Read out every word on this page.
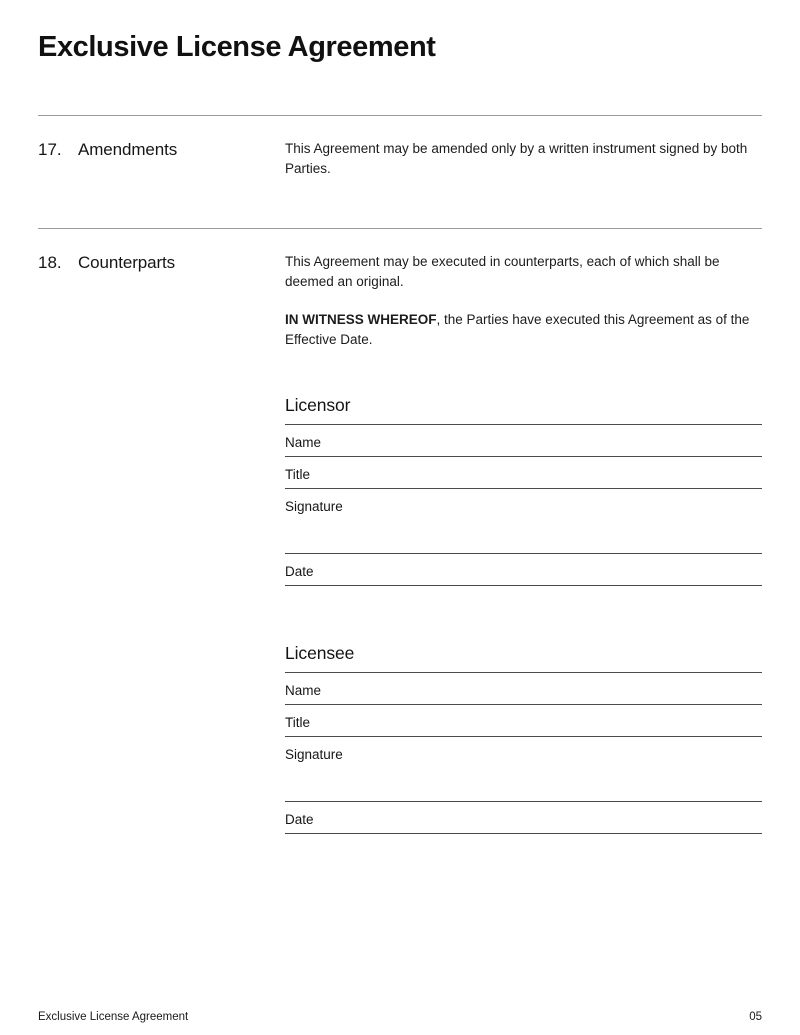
Exclusive License Agreement
17. Amendments	This Agreement may be amended only by a written instrument signed by both Parties.

18. Counterparts	This Agreement may be executed in counterparts, each of which shall be deemed an original.

IN WITNESS WHEREOF, the Parties have executed this Agreement as of the Effective Date.

Licensor
Name
Title
Signature
Date
Licensee
Name
Title
Signature
Date
Exclusive License Agreement	05
